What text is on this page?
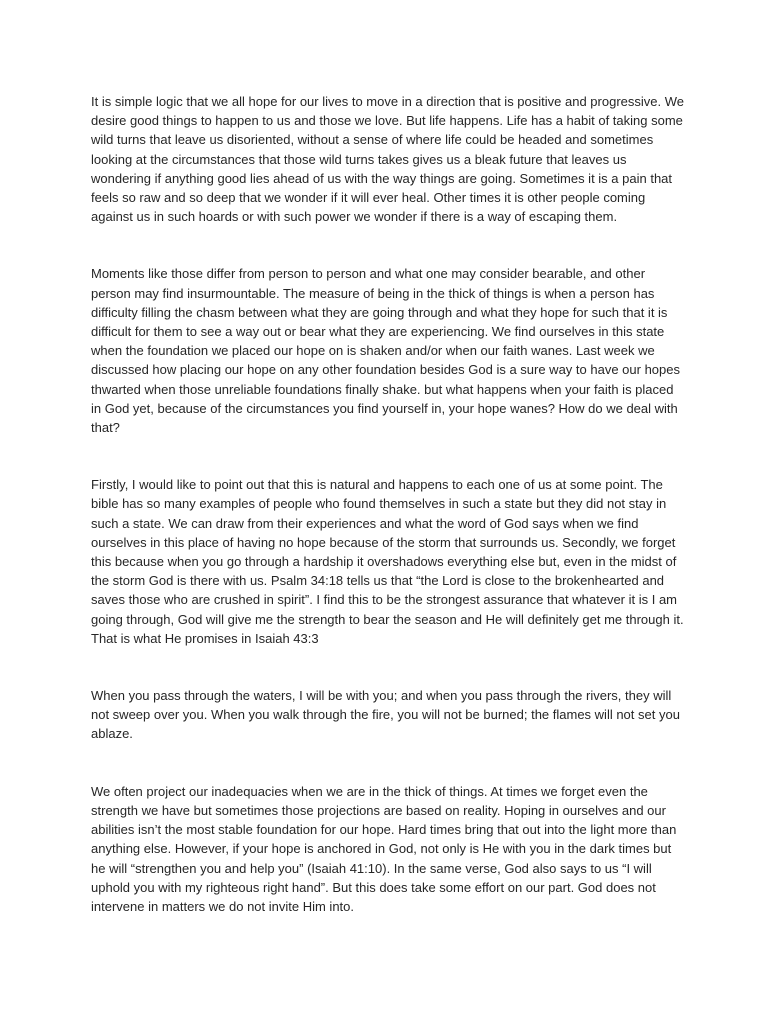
It is simple logic that we all hope for our lives to move in a direction that is positive and progressive. We desire good things to happen to us and those we love. But life happens. Life has a habit of taking some wild turns that leave us disoriented, without a sense of where life could be headed and sometimes looking at the circumstances that those wild turns takes gives us a bleak future that leaves us wondering if anything good lies ahead of us with the way things are going. Sometimes it is a pain that feels so raw and so deep that we wonder if it will ever heal. Other times it is other people coming against us in such hoards or with such power we wonder if there is a way of escaping them.

Moments like those differ from person to person and what one may consider bearable, and other person may find insurmountable. The measure of being in the thick of things is when a person has difficulty filling the chasm between what they are going through and what they hope for such that it is difficult for them to see a way out or bear what they are experiencing. We find ourselves in this state when the foundation we placed our hope on is shaken and/or when our faith wanes. Last week we discussed how placing our hope on any other foundation besides God is a sure way to have our hopes thwarted when those unreliable foundations finally shake. but what happens when your faith is placed in God yet, because of the circumstances you find yourself in, your hope wanes? How do we deal with that?

Firstly, I would like to point out that this is natural and happens to each one of us at some point. The bible has so many examples of people who found themselves in such a state but they did not stay in such a state. We can draw from their experiences and what the word of God says when we find ourselves in this place of having no hope because of the storm that surrounds us. Secondly, we forget this because when you go through a hardship it overshadows everything else but, even in the midst of the storm God is there with us. Psalm 34:18 tells us that “the Lord is close to the brokenhearted and saves those who are crushed in spirit”. I find this to be the strongest assurance that whatever it is I am going through, God will give me the strength to bear the season and He will definitely get me through it. That is what He promises in Isaiah 43:3

When you pass through the waters, I will be with you; and when you pass through the rivers, they will not sweep over you. When you walk through the fire, you will not be burned; the flames will not set you ablaze.

We often project our inadequacies when we are in the thick of things. At times we forget even the strength we have but sometimes those projections are based on reality. Hoping in ourselves and our abilities isn’t the most stable foundation for our hope. Hard times bring that out into the light more than anything else. However, if your hope is anchored in God, not only is He with you in the dark times but he will “strengthen you and help you” (Isaiah 41:10). In the same verse, God also says to us “I will uphold you with my righteous right hand”. But this does take some effort on our part. God does not intervene in matters we do not invite Him into.
